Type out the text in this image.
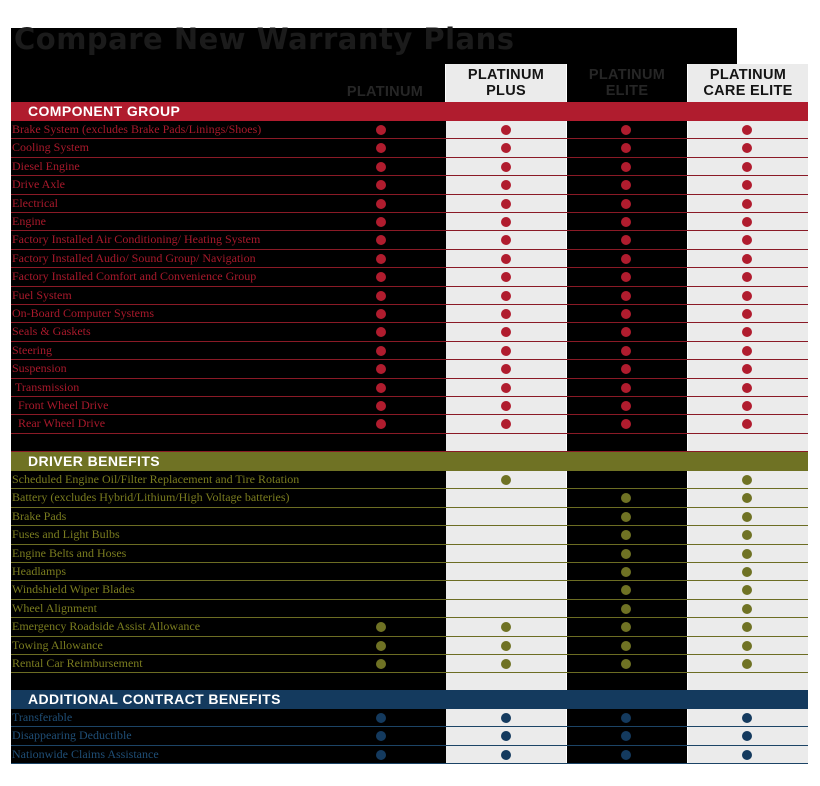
Compare New Warranty Plans
PLATINUM
PLATINUM PLUS
PLATINUM ELITE
PLATINUM CARE ELITE
COMPONENT GROUP
Brake System (excludes Brake Pads/Linings/Shoes)
Cooling System
Diesel Engine
Drive Axle
Electrical
Engine
Factory Installed Air Conditioning/ Heating System
Factory Installed Audio/ Sound Group/ Navigation
Factory Installed Comfort and Convenience Group
Fuel System
On-Board Computer Systems
Seals & Gaskets
Steering
Suspension
Transmission
Front Wheel Drive
Rear Wheel Drive
DRIVER BENEFITS
Scheduled Engine Oil/Filter Replacement and Tire Rotation
Battery (excludes Hybrid/Lithium/High Voltage batteries)
Brake Pads
Fuses and Light Bulbs
Engine Belts and Hoses
Headlamps
Windshield Wiper Blades
Wheel Alignment
Emergency Roadside Assist Allowance
Towing Allowance
Rental Car Reimbursement
ADDITIONAL CONTRACT BENEFITS
Transferable
Disappearing Deductible
Nationwide Claims Assistance
